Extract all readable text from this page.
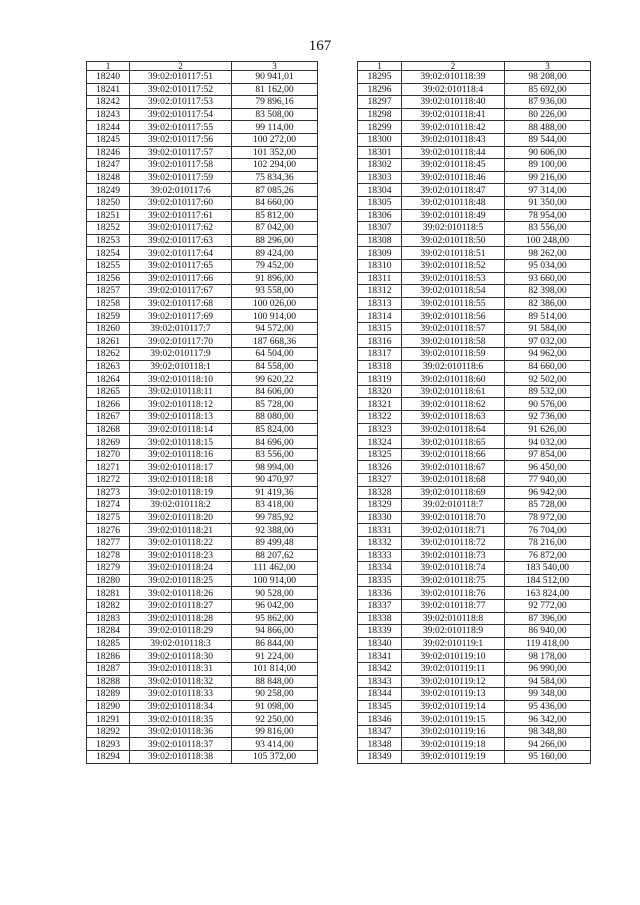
167
1	2	3
18240	39:02:010117:51	90 941,01
18241	39:02:010117:52	81 162,00
18242	39:02:010117:53	79 896,16
18243	39:02:010117:54	83 508,00
18244	39:02:010117:55	99 114,00
18245	39:02:010117:56	100 272,00
18246	39:02:010117:57	101 352,00
18247	39:02:010117:58	102 294,00
18248	39:02:010117:59	75 834,36
18249	39:02:010117:6	87 085,26
18250	39:02:010117:60	84 660,00
18251	39:02:010117:61	85 812,00
18252	39:02:010117:62	87 042,00
18253	39:02:010117:63	88 296,00
18254	39:02:010117:64	89 424,00
18255	39:02:010117:65	79 452,00
18256	39:02:010117:66	91 896,00
18257	39:02:010117:67	93 558,00
18258	39:02:010117:68	100 026,00
18259	39:02:010117:69	100 914,00
18260	39:02:010117:7	94 572,00
18261	39:02:010117:70	187 668,36
18262	39:02:010117:9	64 504,00
18263	39:02:010118:1	84 558,00
18264	39:02:010118:10	99 620,22
18265	39:02:010118:11	84 606,00
18266	39:02:010118:12	85 728,00
18267	39:02:010118:13	88 080,00
18268	39:02:010118:14	85 824,00
18269	39:02:010118:15	84 696,00
18270	39:02:010118:16	83 556,00
18271	39:02:010118:17	98 994,00
18272	39:02:010118:18	90 470,97
18273	39:02:010118:19	91 419,36
18274	39:02:010118:2	83 418,00
18275	39:02:010118:20	99 785,92
18276	39:02:010118:21	92 388,00
18277	39:02:010118:22	89 499,48
18278	39:02:010118:23	88 207,62
18279	39:02:010118:24	111 462,00
18280	39:02:010118:25	100 914,00
18281	39:02:010118:26	90 528,00
18282	39:02:010118:27	96 042,00
18283	39:02:010118:28	95 862,00
18284	39:02:010118:29	94 866,00
18285	39:02:010118:3	86 844,00
18286	39:02:010118:30	91 224,00
18287	39:02:010118:31	101 814,00
18288	39:02:010118:32	88 848,00
18289	39:02:010118:33	90 258,00
18290	39:02:010118:34	91 098,00
18291	39:02:010118:35	92 250,00
18292	39:02:010118:36	99 816,00
18293	39:02:010118:37	93 414,00
18294	39:02:010118:38	105 372,00
1	2	3
18295	39:02:010118:39	98 208,00
18296	39:02:010118:4	85 692,00
18297	39:02:010118:40	87 936,00
18298	39:02:010118:41	80 226,00
18299	39:02:010118:42	88 488,00
18300	39:02:010118:43	89 544,00
18301	39:02:010118:44	90 606,00
18302	39:02:010118:45	89 100,00
18303	39:02:010118:46	99 216,00
18304	39:02:010118:47	97 314,00
18305	39:02:010118:48	91 350,00
18306	39:02:010118:49	78 954,00
18307	39:02:010118:5	83 556,00
18308	39:02:010118:50	100 248,00
18309	39:02:010118:51	98 262,00
18310	39:02:010118:52	95 034,00
18311	39:02:010118:53	93 660,00
18312	39:02:010118:54	82 398,00
18313	39:02:010118:55	82 386,00
18314	39:02:010118:56	89 514,00
18315	39:02:010118:57	91 584,00
18316	39:02:010118:58	97 032,00
18317	39:02:010118:59	94 962,00
18318	39:02:010118:6	84 660,00
18319	39:02:010118:60	92 502,00
18320	39:02:010118:61	89 532,00
18321	39:02:010118:62	90 576,00
18322	39:02:010118:63	92 736,00
18323	39:02:010118:64	91 626,00
18324	39:02:010118:65	94 032,00
18325	39:02:010118:66	97 854,00
18326	39:02:010118:67	96 450,00
18327	39:02:010118:68	77 940,00
18328	39:02:010118:69	96 942,00
18329	39:02:010118:7	85 728,00
18330	39:02:010118:70	78 972,00
18331	39:02:010118:71	76 704,00
18332	39:02:010118:72	78 216,00
18333	39:02:010118:73	76 872,00
18334	39:02:010118:74	183 540,00
18335	39:02:010118:75	184 512,00
18336	39:02:010118:76	163 824,00
18337	39:02:010118:77	92 772,00
18338	39:02:010118:8	87 396,00
18339	39:02:010118:9	86 940,00
18340	39:02:010119:1	119 418,00
18341	39:02:010119:10	98 178,00
18342	39:02:010119:11	96 990,00
18343	39:02:010119:12	94 584,00
18344	39:02:010119:13	99 348,00
18345	39:02:010119:14	95 436,00
18346	39:02:010119:15	96 342,00
18347	39:02:010119:16	98 348,80
18348	39:02:010119:18	94 266,00
18349	39:02:010119:19	95 160,00
